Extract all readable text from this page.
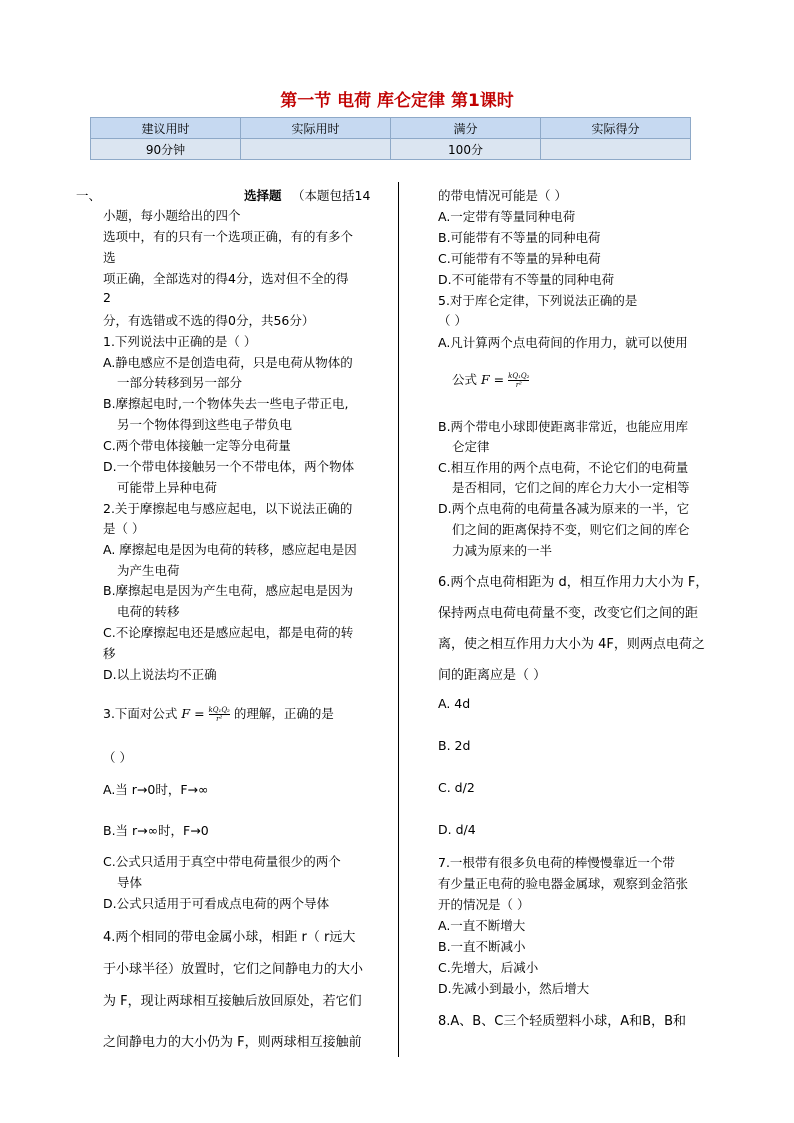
第一节 电荷 库仑定律 第1课时
建议用时	实际用时	满分	实际得分
90分钟		100分	
一、	选择题 （本题包括14
小题，每小题给出的四个
选项中，有的只有一个选项正确，有的有多个
选
项正确，全部选对的得4分，选对但不全的得
2
分，有选错或不选的得0分，共56分）
1.下列说法中正确的是（ ）
A.静电感应不是创造电荷，只是电荷从物体的
一部分转移到另一部分
B.摩擦起电时,一个物体失去一些电子带正电,
另一个物体得到这些电子带负电
C.两个带电体接触一定等分电荷量
D.一个带电体接触另一个不带电体，两个物体
可能带上异种电荷
2.关于摩擦起电与感应起电，以下说法正确的
是（ ）
A. 摩擦起电是因为电荷的转移，感应起电是因
为产生电荷
B.摩擦起电是因为产生电荷，感应起电是因为
电荷的转移
C.不论摩擦起电还是感应起电，都是电荷的转
移
D.以上说法均不正确
3.下面对公式 $F = \frac{\text{kQ₁Q₂}}{\text{r²}}$ 的理解，正确的是
（ ）
A.当 r→0时，F→∞
B.当 r→∞时，F→0
C.公式只适用于真空中带电荷量很少的两个
导体
D.公式只适用于可看成点电荷的两个导体
4.两个相同的带电金属小球，相距 r（ r远大
于小球半径）放置时，它们之间静电力的大小
为 F，现让两球相互接触后放回原处，若它们
之间静电力的大小仍为 F，则两球相互接触前
的带电情况可能是（ ）
A.一定带有等量同种电荷
B.可能带有不等量的同种电荷
C.可能带有不等量的异种电荷
D.不可能带有不等量的同种电荷
5.对于库仑定律，下列说法正确的是
（ ）
A.凡计算两个点电荷间的作用力，就可以使用
公式 $F = \frac{\text{kQ₁Q₂}}{\text{r²}}$
B.两个带电小球即使距离非常近，也能应用库
仑定律
C.相互作用的两个点电荷，不论它们的电荷量
是否相同，它们之间的库仑力大小一定相等
D.两个点电荷的电荷量各减为原来的一半，它
们之间的距离保持不变，则它们之间的库仑
力减为原来的一半
6.两个点电荷相距为 d，相互作用力大小为 F，
保持两点电荷电荷量不变，改变它们之间的距
离，使之相互作用力大小为 4F，则两点电荷之
间的距离应是（ ）
A. 4d
B. 2d
C. d/2
D. d/4
7.一根带有很多负电荷的棒慢慢靠近一个带
有少量正电荷的验电器金属球，观察到金箔张
开的情况是（ ）
A.一直不断增大
B.一直不断减小
C.先增大，后减小
D.先减小到最小，然后增大
8.A、B、C三个轻质塑料小球，A和B，B和
